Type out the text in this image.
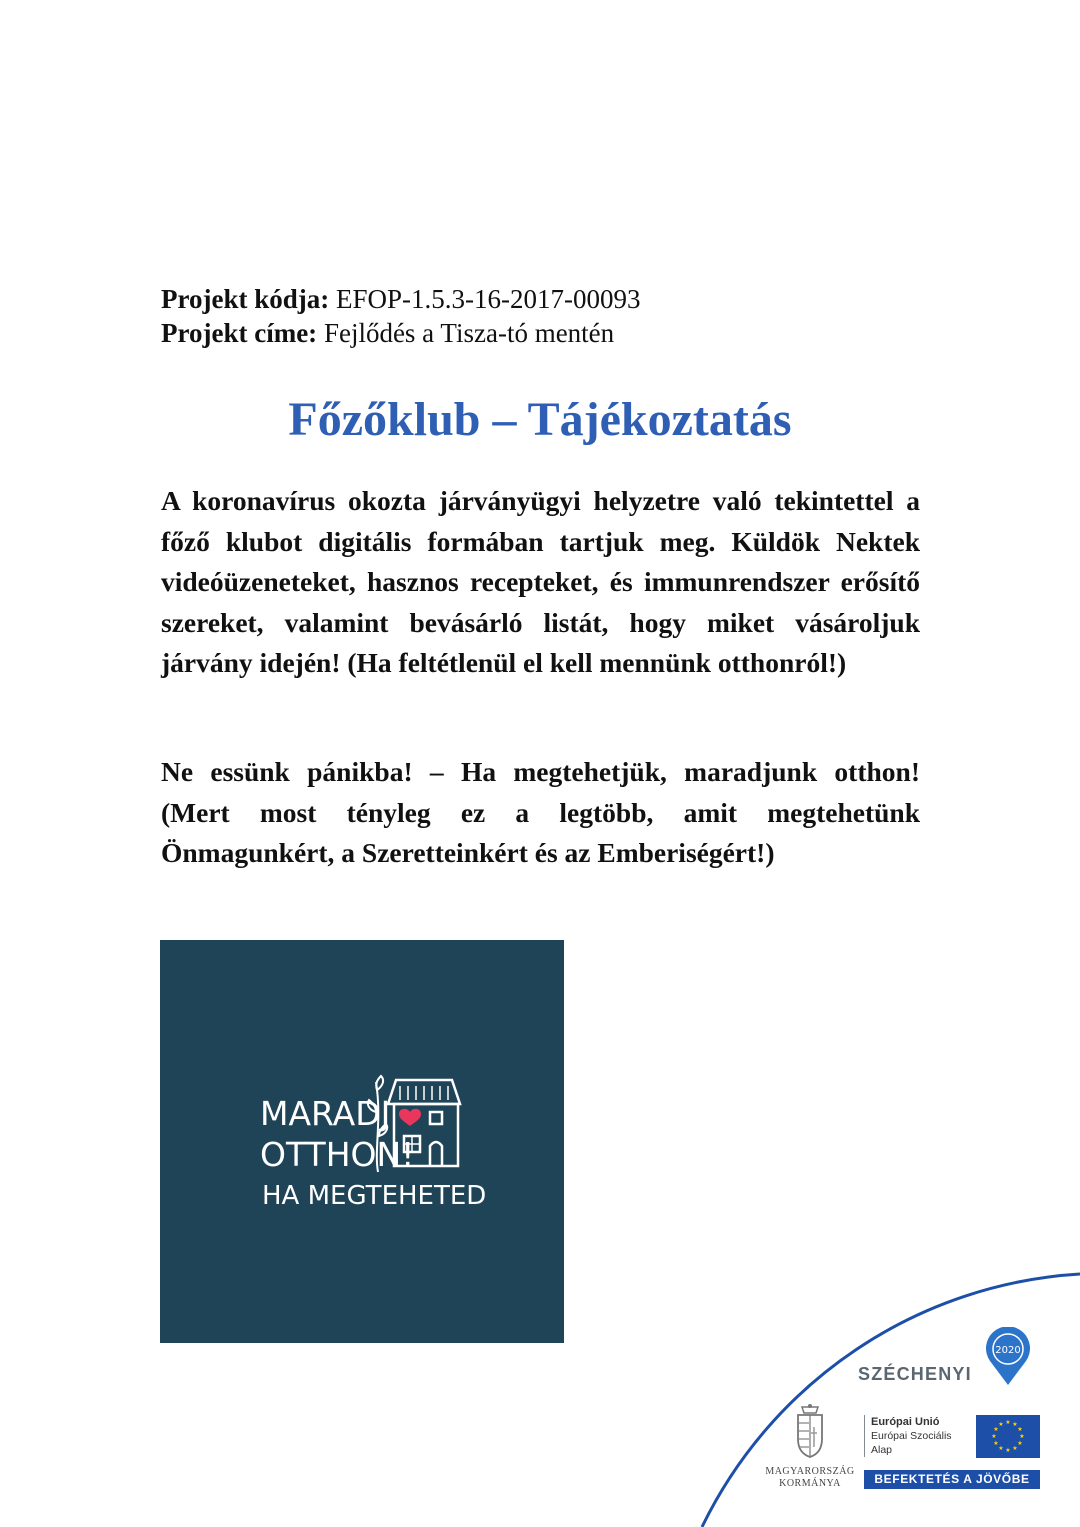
Projekt kódja: EFOP-1.5.3-16-2017-00093
Projekt címe: Fejlődés a Tisza-tó mentén
Főzőklub – Tájékoztatás

A koronavírus okozta járványügyi helyzetre való tekintettel a főző klubot digitális formában tartjuk meg. Küldök Nektek videóüzeneteket, hasznos recepteket, és immunrendszer erősítő szereket, valamint bevásárló listát, hogy miket vásároljuk járvány idején! (Ha feltétlenül el kell mennünk otthonról!)

Ne essünk pánikba! – Ha megtehetjük, maradjunk otthon! (Mert most tényleg ez a legtöbb, amit megtehetünk Önmagunkért, a Szeretteinkért és az Emberiségért!)

MARADJ
OTTHON!
HA MEGTEHETED
SZÉCHENYI
2020
MAGYARORSZÁG
KORMÁNYA
Európai Unió
Európai Szociális
Alap
★ ★
★
★
★
★
★
★
★
★
★
★
BEFEKTETÉS A JÖVŐBE
